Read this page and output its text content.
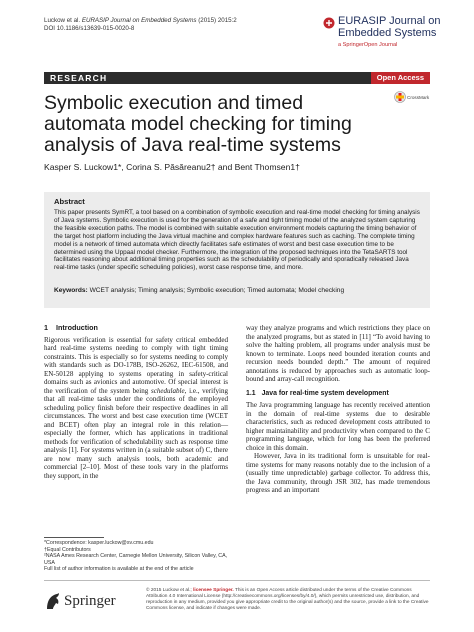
Luckow et al. EURASIP Journal on Embedded Systems (2015) 2015:2
DOI 10.1186/s13639-015-0020-8
EURASIP Journal on
Embedded Systems
a SpringerOpen Journal
RESEARCH	Open Access
Symbolic execution and timed automata model checking for timing analysis of Java real-time systems
CrossMark
Kasper S. Luckow1*, Corina S. Păsăreanu2† and Bent Thomsen1†
Abstract
This paper presents SymRT, a tool based on a combination of symbolic execution and real-time model checking for timing analysis of Java systems. Symbolic execution is used for the generation of a safe and tight timing model of the analyzed system capturing the feasible execution paths. The model is combined with suitable execution environment models capturing the timing behavior of the target host platform including the Java virtual machine and complex hardware features such as caching. The complete timing model is a network of timed automata which directly facilitates safe estimates of worst and best case execution time to be determined using the Uppaal model checker. Furthermore, the integration of the proposed techniques into the TetaSARTS tool facilitates reasoning about additional timing properties such as the schedulability of periodically and sporadically released Java real-time tasks (under specific scheduling policies), worst case response time, and more.
Keywords: WCET analysis; Timing analysis; Symbolic execution; Timed automata; Model checking
1 Introduction

Rigorous verification is essential for safety critical embedded hard real-time systems needing to comply with tight timing constraints. This is especially so for systems needing to comply with standards such as DO-178B, ISO-26262, IEC-61508, and EN-50128 applying to systems operating in safety-critical domains such as avionics and automotive. Of special interest is the verification of the system being schedulable, i.e., verifying that all real-time tasks under the conditions of the employed scheduling policy finish before their respective deadlines in all circumstances. The worst and best case execution time (WCET and BCET) often play an integral role in this relation—especially the former, which has applications in traditional methods for verification of schedulability such as response time analysis [1]. For systems written in (a suitable subset of) C, there are now many such analysis tools, both academic and commercial [2–10]. Most of these tools vary in the platforms they support, in the

way they analyze programs and which restrictions they place on the analyzed programs, but as stated in [11] “To avoid having to solve the halting problem, all programs under analysis must be known to terminate. Loops need bounded iteration counts and recursion needs bounded depth.” The amount of required annotations is reduced by approaches such as automatic loop-bound and array-call recognition.

1.1 Java for real-time system development

The Java programming language has recently received attention in the domain of real-time systems due to desirable characteristics, such as reduced development costs attributed to higher maintainability and productivity when compared to the C programming language, which for long has been the preferred choice in this domain.

However, Java in its traditional form is unsuitable for real-time systems for many reasons notably due to the inclusion of a (usually time unpredictable) garbage collector. To address this, the Java community, through JSR 302, has made tremendous progress and an important

*Correspondence: kasper.luckow@sv.cmu.edu
†Equal Contributors
²NASA Ames Research Center, Carnegie Mellon University, Silicon Valley, CA, USA
Full list of author information is available at the end of the article
Springer
© 2015 Luckow et al.; licensee Springer. This is an Open Access article distributed under the terms of the Creative Commons Attribution 4.0 International License (http://creativecommons.org/licenses/by/4.0/), which permits unrestricted use, distribution, and reproduction in any medium, provided you give appropriate credit to the original author(s) and the source, provide a link to the Creative Commons license, and indicate if changes were made.
